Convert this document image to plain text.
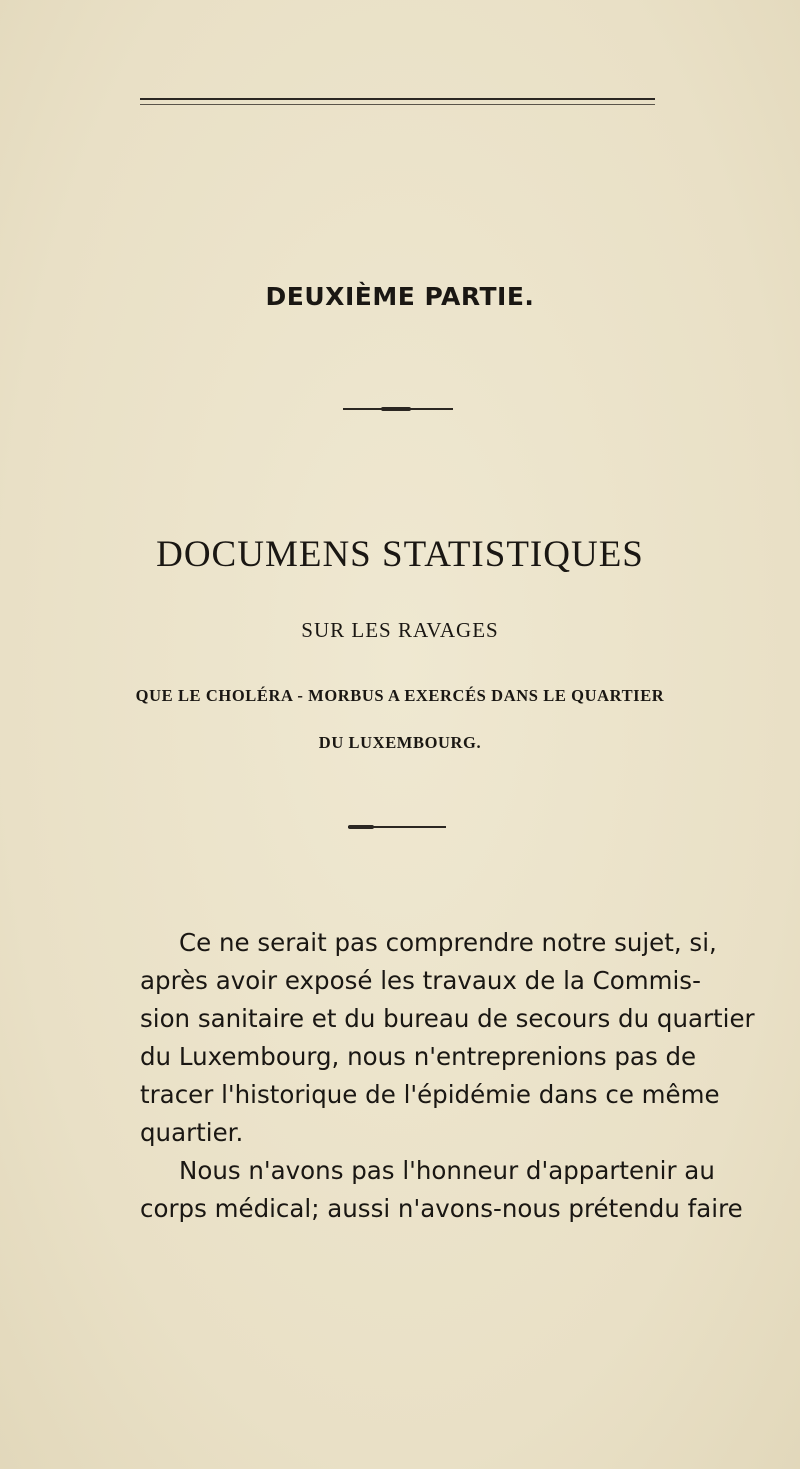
DEUXIÈME PARTIE.
DOCUMENS STATISTIQUES
SUR LES RAVAGES
QUE LE CHOLÉRA - MORBUS A EXERCÉS DANS LE QUARTIER
DU LUXEMBOURG.
Ce ne serait pas comprendre notre sujet, si,
après avoir exposé les travaux de la Commis-
sion sanitaire et du bureau de secours du quartier
du Luxembourg, nous n'entreprenions pas de
tracer l'historique de l'épidémie dans ce même
quartier.
Nous n'avons pas l'honneur d'appartenir au
corps médical; aussi n'avons-nous prétendu faire
